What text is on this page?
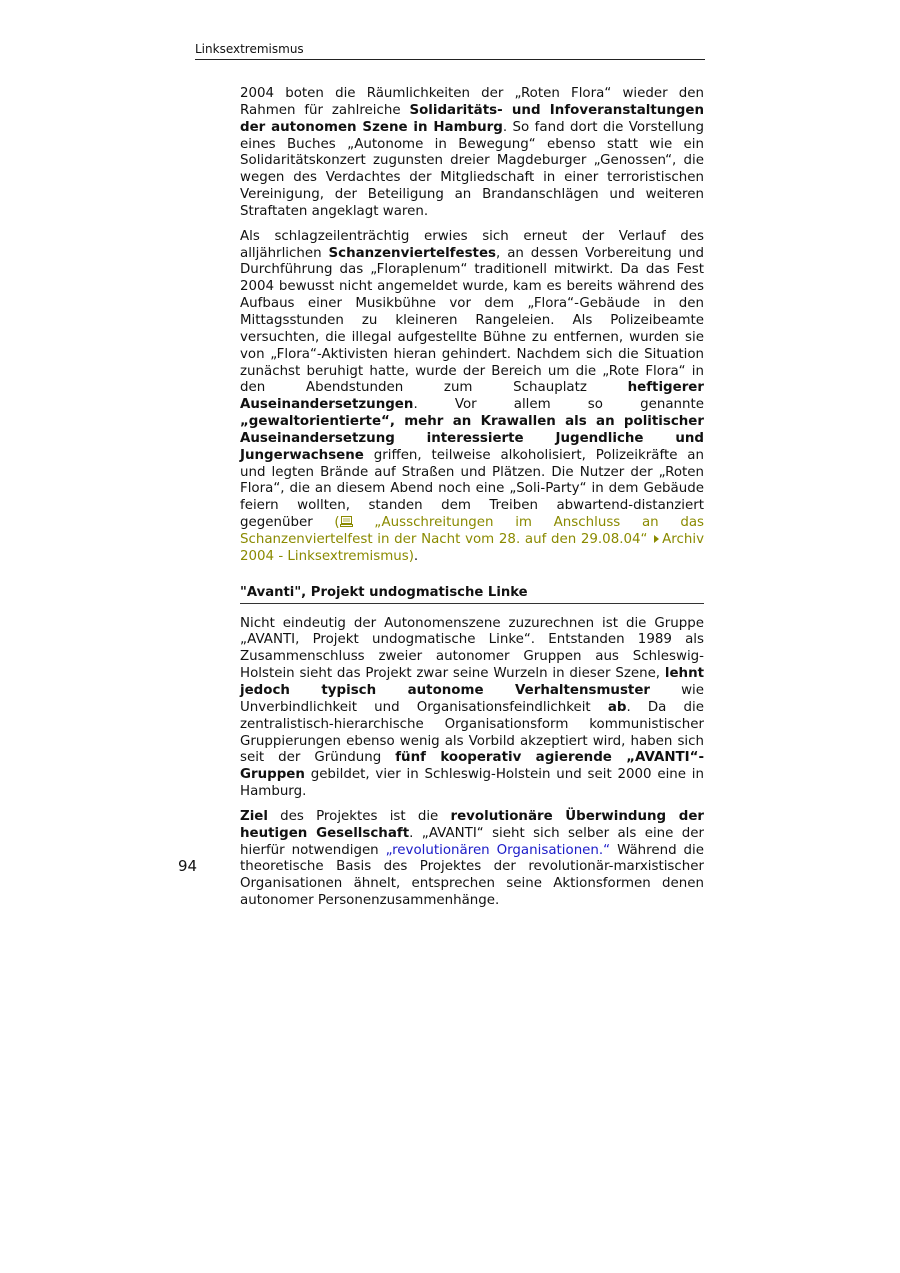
Linksextremismus

2004 boten die Räumlichkeiten der „Roten Flora“ wieder den Rahmen für zahlreiche Solidaritäts- und Infoveranstaltungen der autonomen Szene in Hamburg. So fand dort die Vorstellung eines Buches „Autonome in Bewegung“ ebenso statt wie ein Solidaritätskonzert zugunsten dreier Magdeburger „Genossen“, die wegen des Verdachtes der Mitgliedschaft in einer terroristischen Vereinigung, der Beteiligung an Brandanschlägen und weiteren Straftaten angeklagt waren.

Als schlagzeilenträchtig erwies sich erneut der Verlauf des alljährlichen Schanzenviertelfestes, an dessen Vorbereitung und Durchführung das „Floraplenum“ traditionell mitwirkt. Da das Fest 2004 bewusst nicht angemeldet wurde, kam es bereits während des Aufbaus einer Musikbühne vor dem „Flora“-Gebäude in den Mittagsstunden zu kleineren Rangeleien. Als Polizeibeamte versuchten, die illegal aufgestellte Bühne zu entfernen, wurden sie von „Flora“-Aktivisten hieran gehindert. Nachdem sich die Situation zunächst beruhigt hatte, wurde der Bereich um die „Rote Flora“ in den Abendstunden zum Schauplatz heftigerer Auseinandersetzungen. Vor allem so genannte „gewaltorientierte“, mehr an Krawallen als an politischer Auseinandersetzung interessierte Jugendliche und Jungerwachsene griffen, teilweise alkoholisiert, Polizeikräfte an und legten Brände auf Straßen und Plätzen. Die Nutzer der „Roten Flora“, die an diesem Abend noch eine „Soli-Party“ in dem Gebäude feiern wollten, standen dem Treiben abwartend-distanziert gegenüber ( „Ausschreitungen im Anschluss an das Schanzenviertelfest in der Nacht vom 28. auf den 29.08.04“ Archiv 2004 - Linksextremismus).

"Avanti", Projekt undogmatische Linke

Nicht eindeutig der Autonomenszene zuzurechnen ist die Gruppe „AVANTI, Projekt undogmatische Linke“. Entstanden 1989 als Zusammenschluss zweier autonomer Gruppen aus Schleswig-Holstein sieht das Projekt zwar seine Wurzeln in dieser Szene, lehnt jedoch typisch autonome Verhaltensmuster wie Unverbindlichkeit und Organisationsfeindlichkeit ab. Da die zentralistisch-hierarchische Organisationsform kommunistischer Gruppierungen ebenso wenig als Vorbild akzeptiert wird, haben sich seit der Gründung fünf kooperativ agierende „AVANTI“-Gruppen gebildet, vier in Schleswig-Holstein und seit 2000 eine in Hamburg.

Ziel des Projektes ist die revolutionäre Überwindung der heutigen Gesellschaft. „AVANTI“ sieht sich selber als eine der hierfür notwendigen „revolutionären Organisationen.“ Während die theoretische Basis des Projektes der revolutionär-marxistischer Organisationen ähnelt, entsprechen seine Aktionsformen denen autonomer Personenzusammenhänge.

94
